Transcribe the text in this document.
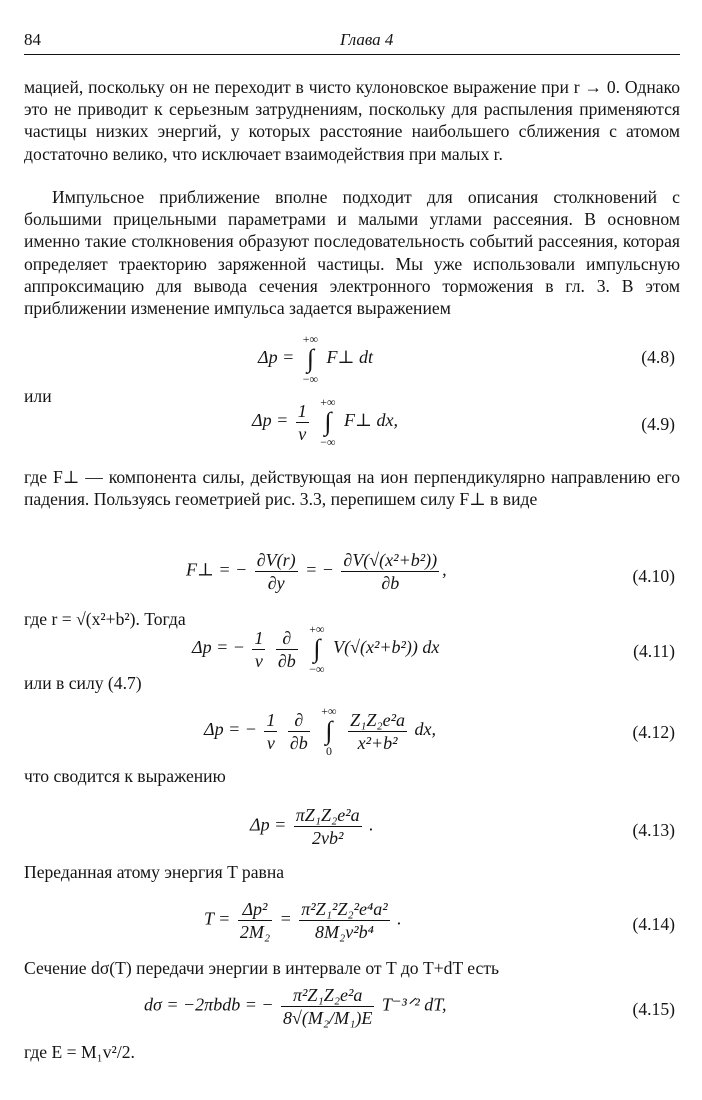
84	Глава 4

мацией, поскольку он не переходит в чисто кулоновское выражение при r → 0. Однако это не приводит к серьезным затруднениям, поскольку для распыления применяются частицы низких энергий, у которых расстояние наибольшего сближения с атомом достаточно велико, что исключает взаимодействия при малых r.

Импульсное приближение вполне подходит для описания столкновений с большими прицельными параметрами и малыми углами рассеяния. В основном именно такие столкновения образуют последовательность событий рассеяния, которая определяет траекторию заряженной частицы. Мы уже использовали импульсную аппроксимацию для вывода сечения электронного торможения в гл. 3. В этом приближении изменение импульса задается выражением

Δp =
+∞
∫
−∞
F⊥ dt	(4.8)
или
$\Delta p = \frac{1}{v}$
+∞
∫
−∞
F⊥ dx,	(4.9)

где F⊥ — компонента силы, действующая на ион перпендикулярно направлению его падения. Пользуясь геометрией рис. 3.3, перепишем силу F⊥ в виде

F⊥ = − $\frac{\partial V(r)}{\partial y}$ = − $\frac{\text{∂V(√(x²+b²))}}{\partial b}$ ,	(4.10)
где r = √(x²+b²). Тогда
Δp = − $\frac{1}{v}$
$\frac{\partial}{\partial b}$
+∞
∫
−∞
V(√(x²+b²)) dx	(4.11)
или в силу (4.7)
Δp = − $\frac{1}{v}$
$\frac{\partial}{\partial b}$
+∞
∫
0
$\frac{\text{Z₁Z₂e²a}}{\text{x²+b²}}$ dx,	(4.12)
что сводится к выражению
$\Delta p = \frac{\text{πZ₁Z₂e²a}}{\text{2vb²}}$ .	(4.13)
Переданная атому энергия T равна
$T = \frac{\text{Δp²}}{\text{2M₂}} = \frac{\text{π²Z₁²Z₂²e⁴a²}}{\text{8M₂v²b⁴}}$ .	(4.14)
Сечение dσ(T) передачи энергии в интервале от T до T+dT есть
dσ = −2πbdb = − $\frac{\text{π²Z₁Z₂e²a}}{\text{8√(M₂/M₁)E}}$ T⁻³ᐟ² dT,	(4.15)
где E = M₁v²/2.
